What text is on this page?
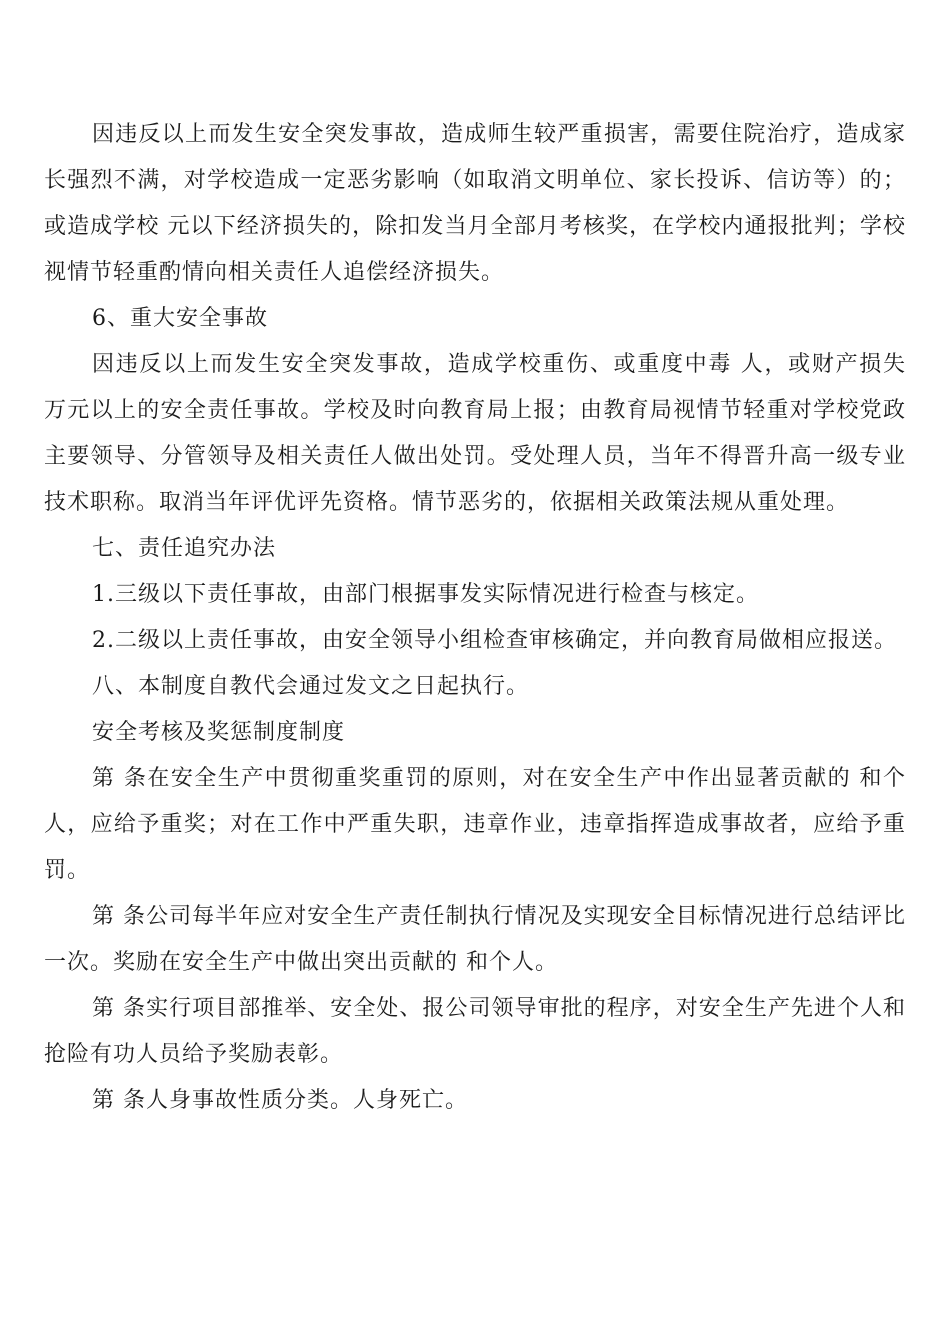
因违反以上而发生安全突发事故，造成师生较严重损害，需要住院治疗，造成家长强烈不满，对学校造成一定恶劣影响（如取消文明单位、家长投诉、信访等）的；或造成学校 元以下经济损失的，除扣发当月全部月考核奖，在学校内通报批判；学校视情节轻重酌情向相关责任人追偿经济损失。

6、重大安全事故

因违反以上而发生安全突发事故，造成学校重伤、或重度中毒 人，或财产损失 万元以上的安全责任事故。学校及时向教育局上报；由教育局视情节轻重对学校党政主要领导、分管领导及相关责任人做出处罚。受处理人员，当年不得晋升高一级专业技术职称。取消当年评优评先资格。情节恶劣的，依据相关政策法规从重处理。

七、责任追究办法

1.三级以下责任事故，由部门根据事发实际情况进行检查与核定。

2.二级以上责任事故，由安全领导小组检查审核确定，并向教育局做相应报送。

八、本制度自教代会通过发文之日起执行。

安全考核及奖惩制度制度

第 条在安全生产中贯彻重奖重罚的原则，对在安全生产中作出显著贡献的 和个人，应给予重奖；对在工作中严重失职，违章作业，违章指挥造成事故者，应给予重罚。

第 条公司每半年应对安全生产责任制执行情况及实现安全目标情况进行总结评比一次。奖励在安全生产中做出突出贡献的 和个人。

第 条实行项目部推举、安全处、报公司领导审批的程序，对安全生产先进个人和抢险有功人员给予奖励表彰。

第 条人身事故性质分类。人身死亡。
